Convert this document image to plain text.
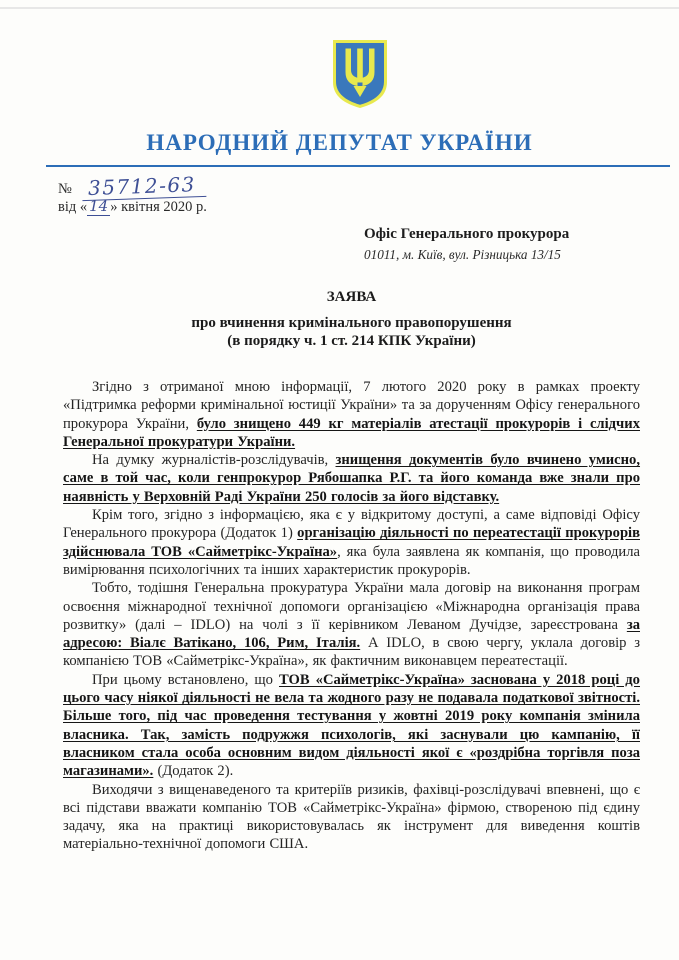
НАРОДНИЙ ДЕПУТАТ УКРАЇНИ
№ 35712-63
від « 14 » квітня 2020 р.
Офіс Генерального прокурора
01011, м. Київ, вул. Різницька 13/15
ЗАЯВА
про вчинення кримінального правопорушення
(в порядку ч. 1 ст. 214 КПК України)

Згідно з отриманої мною інформації, 7 лютого 2020 року в рамках проекту «Підтримка реформи кримінальної юстиції України» та за дорученням Офісу генерального прокурора України, було знищено 449 кг матеріалів атестації прокурорів і слідчих Генеральної прокуратури України.

На думку журналістів-розслідувачів, знищення документів було вчинено умисно, саме в той час, коли генпрокурор Рябошапка Р.Г. та його команда вже знали про наявність у Верховній Раді України 250 голосів за його відставку.

Крім того, згідно з інформацією, яка є у відкритому доступі, а саме відповіді Офісу Генерального прокурора (Додаток 1) організацію діяльності по переатестації прокурорів здійснювала ТОВ «Сайметрікс-Україна», яка була заявлена як компанія, що проводила вимірювання психологічних та інших характеристик прокурорів.

Тобто, тодішня Генеральна прокуратура України мала договір на виконання програм освоєння міжнародної технічної допомоги організацією «Міжнародна організація права розвитку» (далі – IDLO) на чолі з її керівником Леваном Дучідзе, зареєстрована за адресою: Віалє Ватікано, 106, Рим, Італія. А IDLO, в свою чергу, уклала договір з компанією ТОВ «Сайметрікс-Україна», як фактичним виконавцем переатестації.

При цьому встановлено, що ТОВ «Сайметрікс-Україна» заснована у 2018 році до цього часу ніякої діяльності не вела та жодного разу не подавала податкової звітності. Більше того, під час проведення тестування у жовтні 2019 року компанія змінила власника. Так, замість подружжя психологів, які заснували цю кампанію, її власником стала особа основним видом діяльності якої є «роздрібна торгівля поза магазинами». (Додаток 2).

Виходячи з вищенаведеного та критеріїв ризиків, фахівці-розслідувачі впевнені, що є всі підстави вважати компанію ТОВ «Сайметрікс-Україна» фірмою, створеною під єдину задачу, яка на практиці використовувалась як інструмент для виведення коштів матеріально-технічної допомоги США.
